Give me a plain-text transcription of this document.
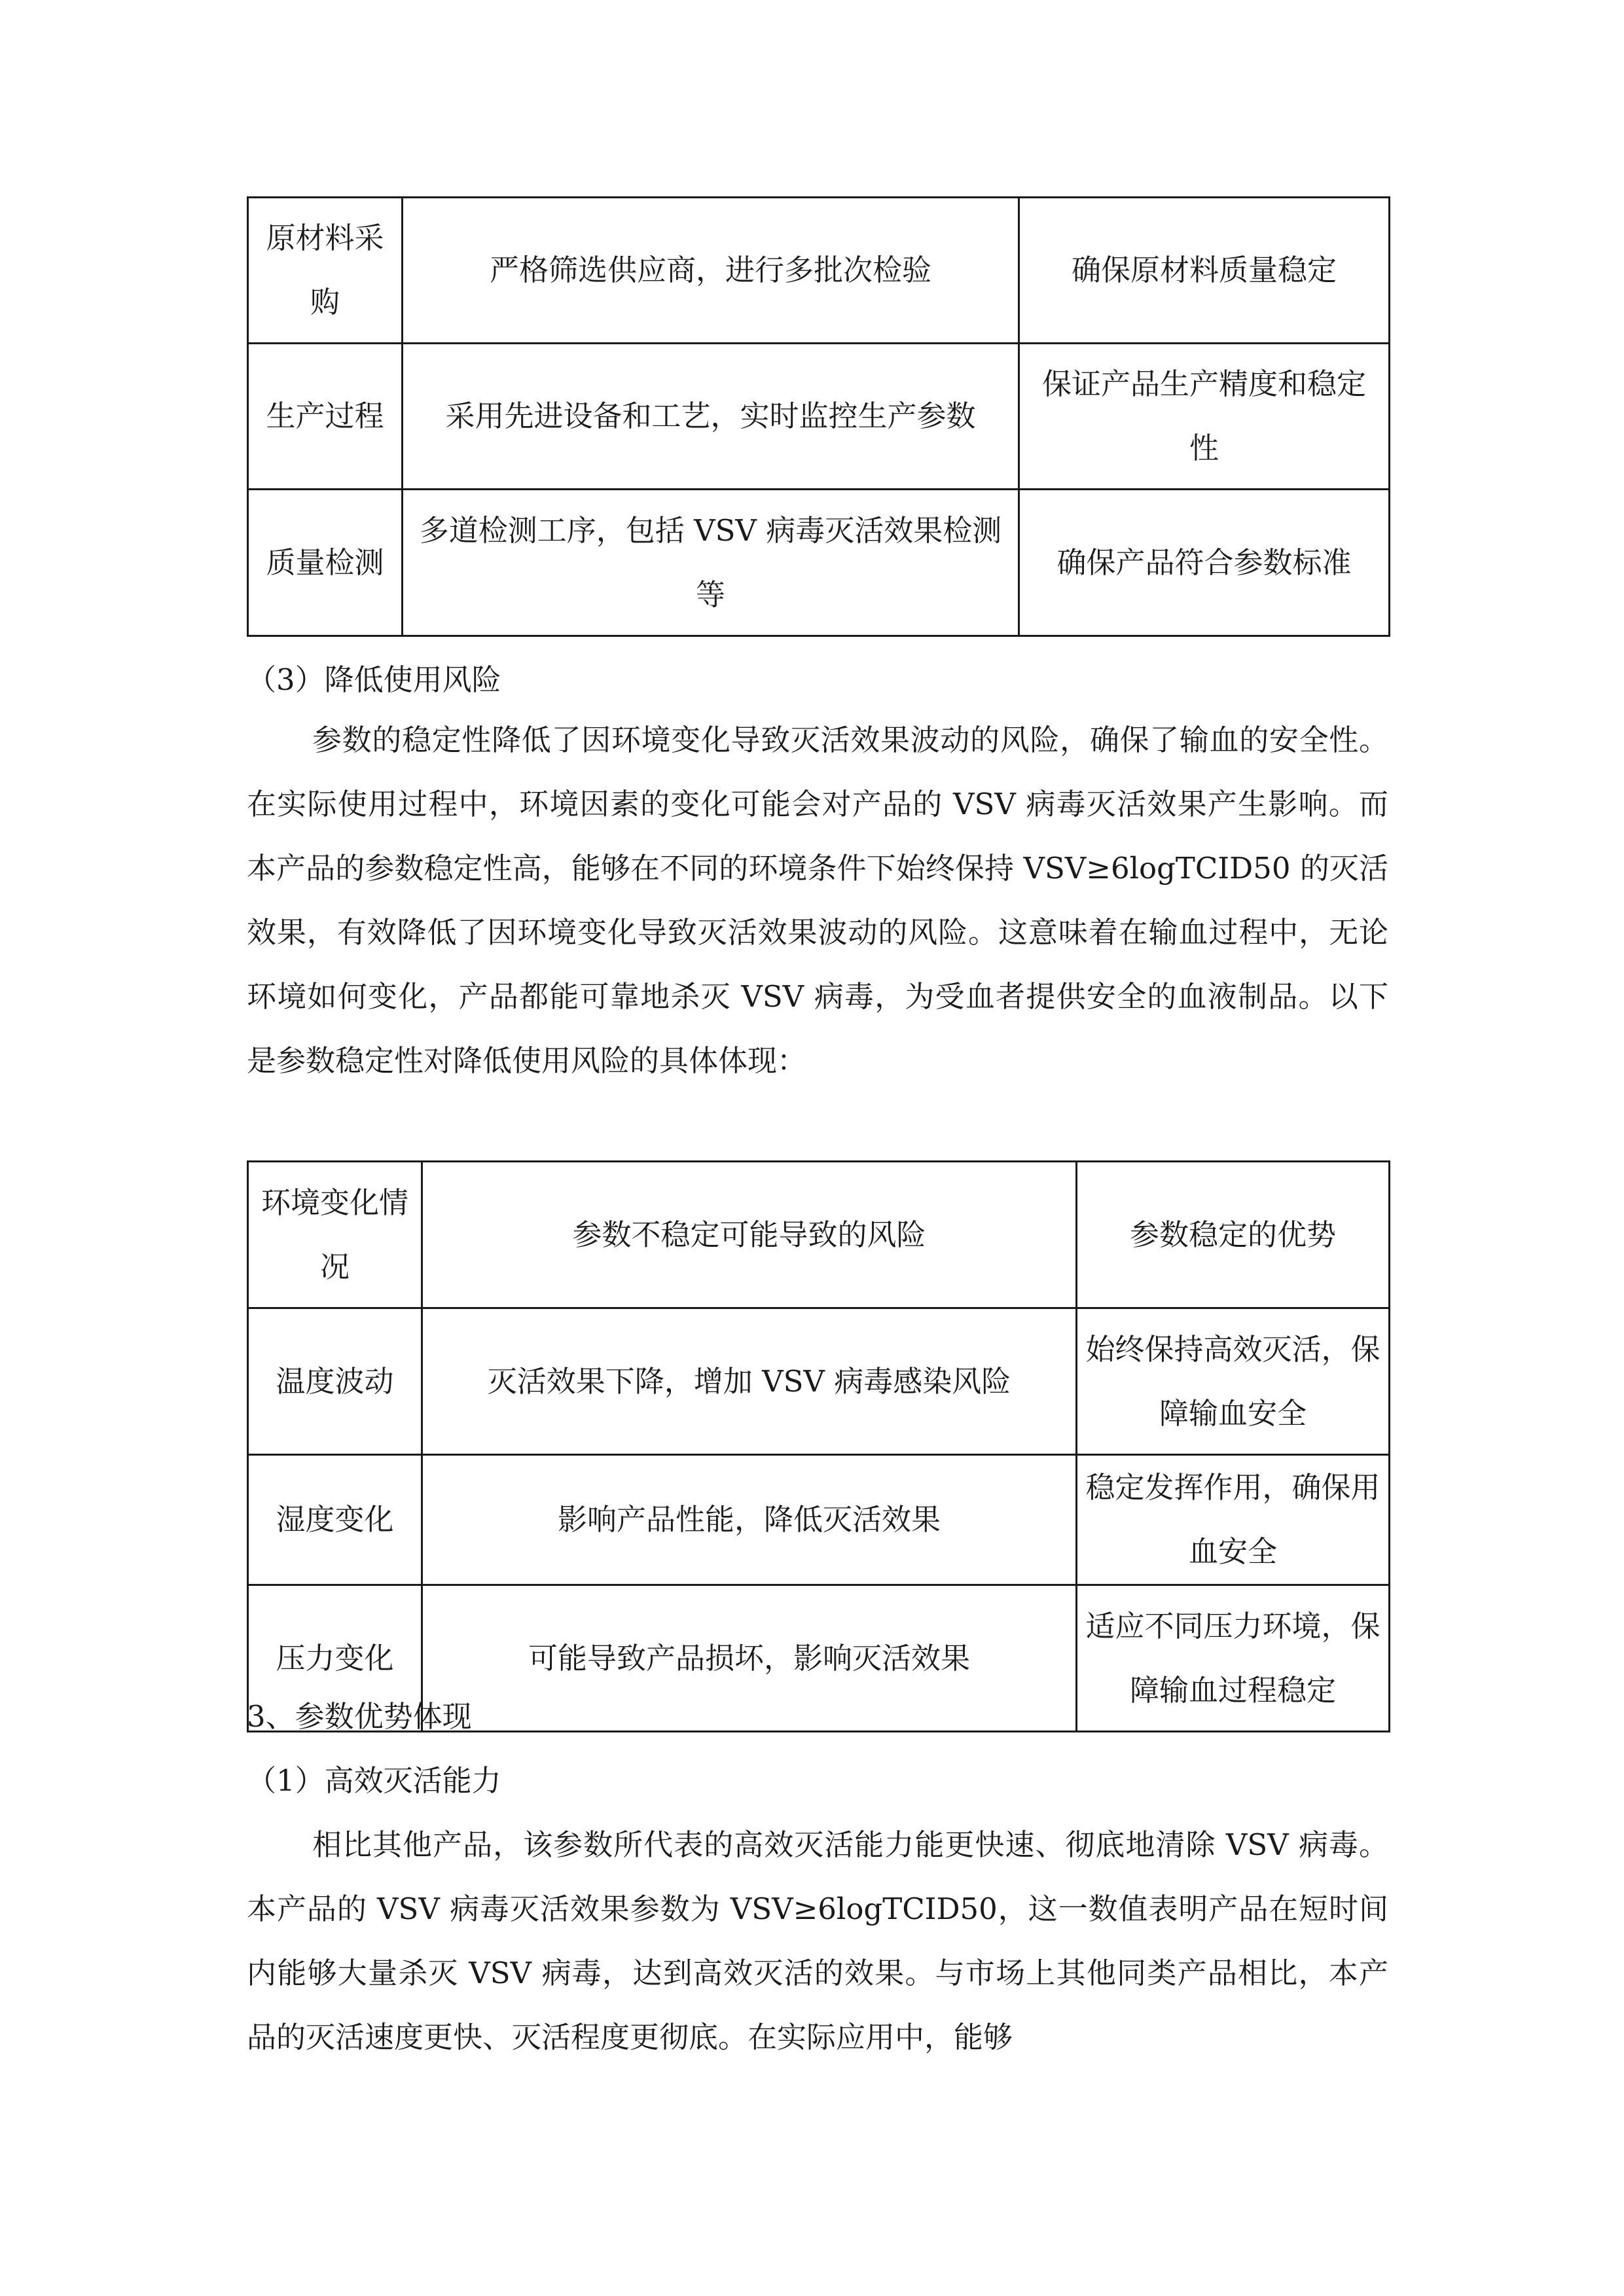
原材料采购	严格筛选供应商，进行多批次检验	确保原材料质量稳定
生产过程	采用先进设备和工艺，实时监控生产参数	保证产品生产精度和稳定性
质量检测	多道检测工序，包括 VSV 病毒灭活效果检测等	确保产品符合参数标准

（3）降低使用风险

参数的稳定性降低了因环境变化导致灭活效果波动的风险，确保了输血的安全性。在实际使用过程中，环境因素的变化可能会对产品的 VSV 病毒灭活效果产生影响。而本产品的参数稳定性高，能够在不同的环境条件下始终保持 VSV≥6logTCID50 的灭活效果，有效降低了因环境变化导致灭活效果波动的风险。这意味着在输血过程中，无论环境如何变化，产品都能可靠地杀灭 VSV 病毒，为受血者提供安全的血液制品。以下是参数稳定性对降低使用风险的具体体现：

环境变化情况	参数不稳定可能导致的风险	参数稳定的优势
温度波动	灭活效果下降，增加 VSV 病毒感染风险	始终保持高效灭活，保障输血安全
湿度变化	影响产品性能，降低灭活效果	稳定发挥作用，确保用血安全
压力变化	可能导致产品损坏，影响灭活效果	适应不同压力环境，保障输血过程稳定

3、参数优势体现

（1）高效灭活能力

相比其他产品，该参数所代表的高效灭活能力能更快速、彻底地清除 VSV 病毒。本产品的 VSV 病毒灭活效果参数为 VSV≥6logTCID50，这一数值表明产品在短时间内能够大量杀灭 VSV 病毒，达到高效灭活的效果。与市场上其他同类产品相比，本产品的灭活速度更快、灭活程度更彻底。在实际应用中，能够
